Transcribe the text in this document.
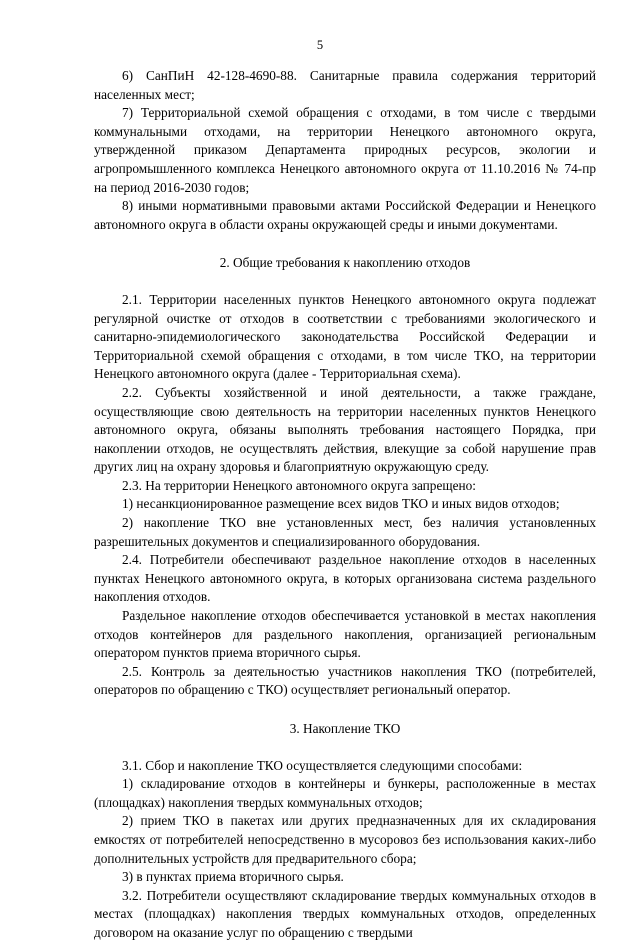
5

6) СанПиН 42-128-4690-88. Санитарные правила содержания территорий населенных мест;

7) Территориальной схемой обращения с отходами, в том числе с твердыми коммунальными отходами, на территории Ненецкого автономного округа, утвержденной приказом Департамента природных ресурсов, экологии и агропромышленного комплекса Ненецкого автономного округа от 11.10.2016 № 74-пр на период 2016-2030 годов;

8) иными нормативными правовыми актами Российской Федерации и Ненецкого автономного округа в области охраны окружающей среды и иными документами.

2. Общие требования к накоплению отходов

2.1. Территории населенных пунктов Ненецкого автономного округа подлежат регулярной очистке от отходов в соответствии с требованиями экологического и санитарно-эпидемиологического законодательства Российской Федерации и Территориальной схемой обращения с отходами, в том числе ТКО, на территории Ненецкого автономного округа (далее - Территориальная схема).

2.2. Субъекты хозяйственной и иной деятельности, а также граждане, осуществляющие свою деятельность на территории населенных пунктов Ненецкого автономного округа, обязаны выполнять требования настоящего Порядка, при накоплении отходов, не осуществлять действия, влекущие за собой нарушение прав других лиц на охрану здоровья и благоприятную окружающую среду.

2.3. На территории Ненецкого автономного округа запрещено:

1) несанкционированное размещение всех видов ТКО и иных видов отходов;

2) накопление ТКО вне установленных мест, без наличия установленных разрешительных документов и специализированного оборудования.

2.4. Потребители обеспечивают раздельное накопление отходов в населенных пунктах Ненецкого автономного округа, в которых организована система раздельного накопления отходов.

Раздельное накопление отходов обеспечивается установкой в местах накопления отходов контейнеров для раздельного накопления, организацией региональным оператором пунктов приема вторичного сырья.

2.5. Контроль за деятельностью участников накопления ТКО (потребителей, операторов по обращению с ТКО) осуществляет региональный оператор.

3. Накопление ТКО

3.1. Сбор и накопление ТКО осуществляется следующими способами:

1) складирование отходов в контейнеры и бункеры, расположенные в местах (площадках) накопления твердых коммунальных отходов;

2) прием ТКО в пакетах или других предназначенных для их складирования емкостях от потребителей непосредственно в мусоровоз без использования каких-либо дополнительных устройств для предварительного сбора;

3) в пунктах приема вторичного сырья.

3.2. Потребители осуществляют складирование твердых коммунальных отходов в местах (площадках) накопления твердых коммунальных отходов, определенных договором на оказание услуг по обращению с твердыми
